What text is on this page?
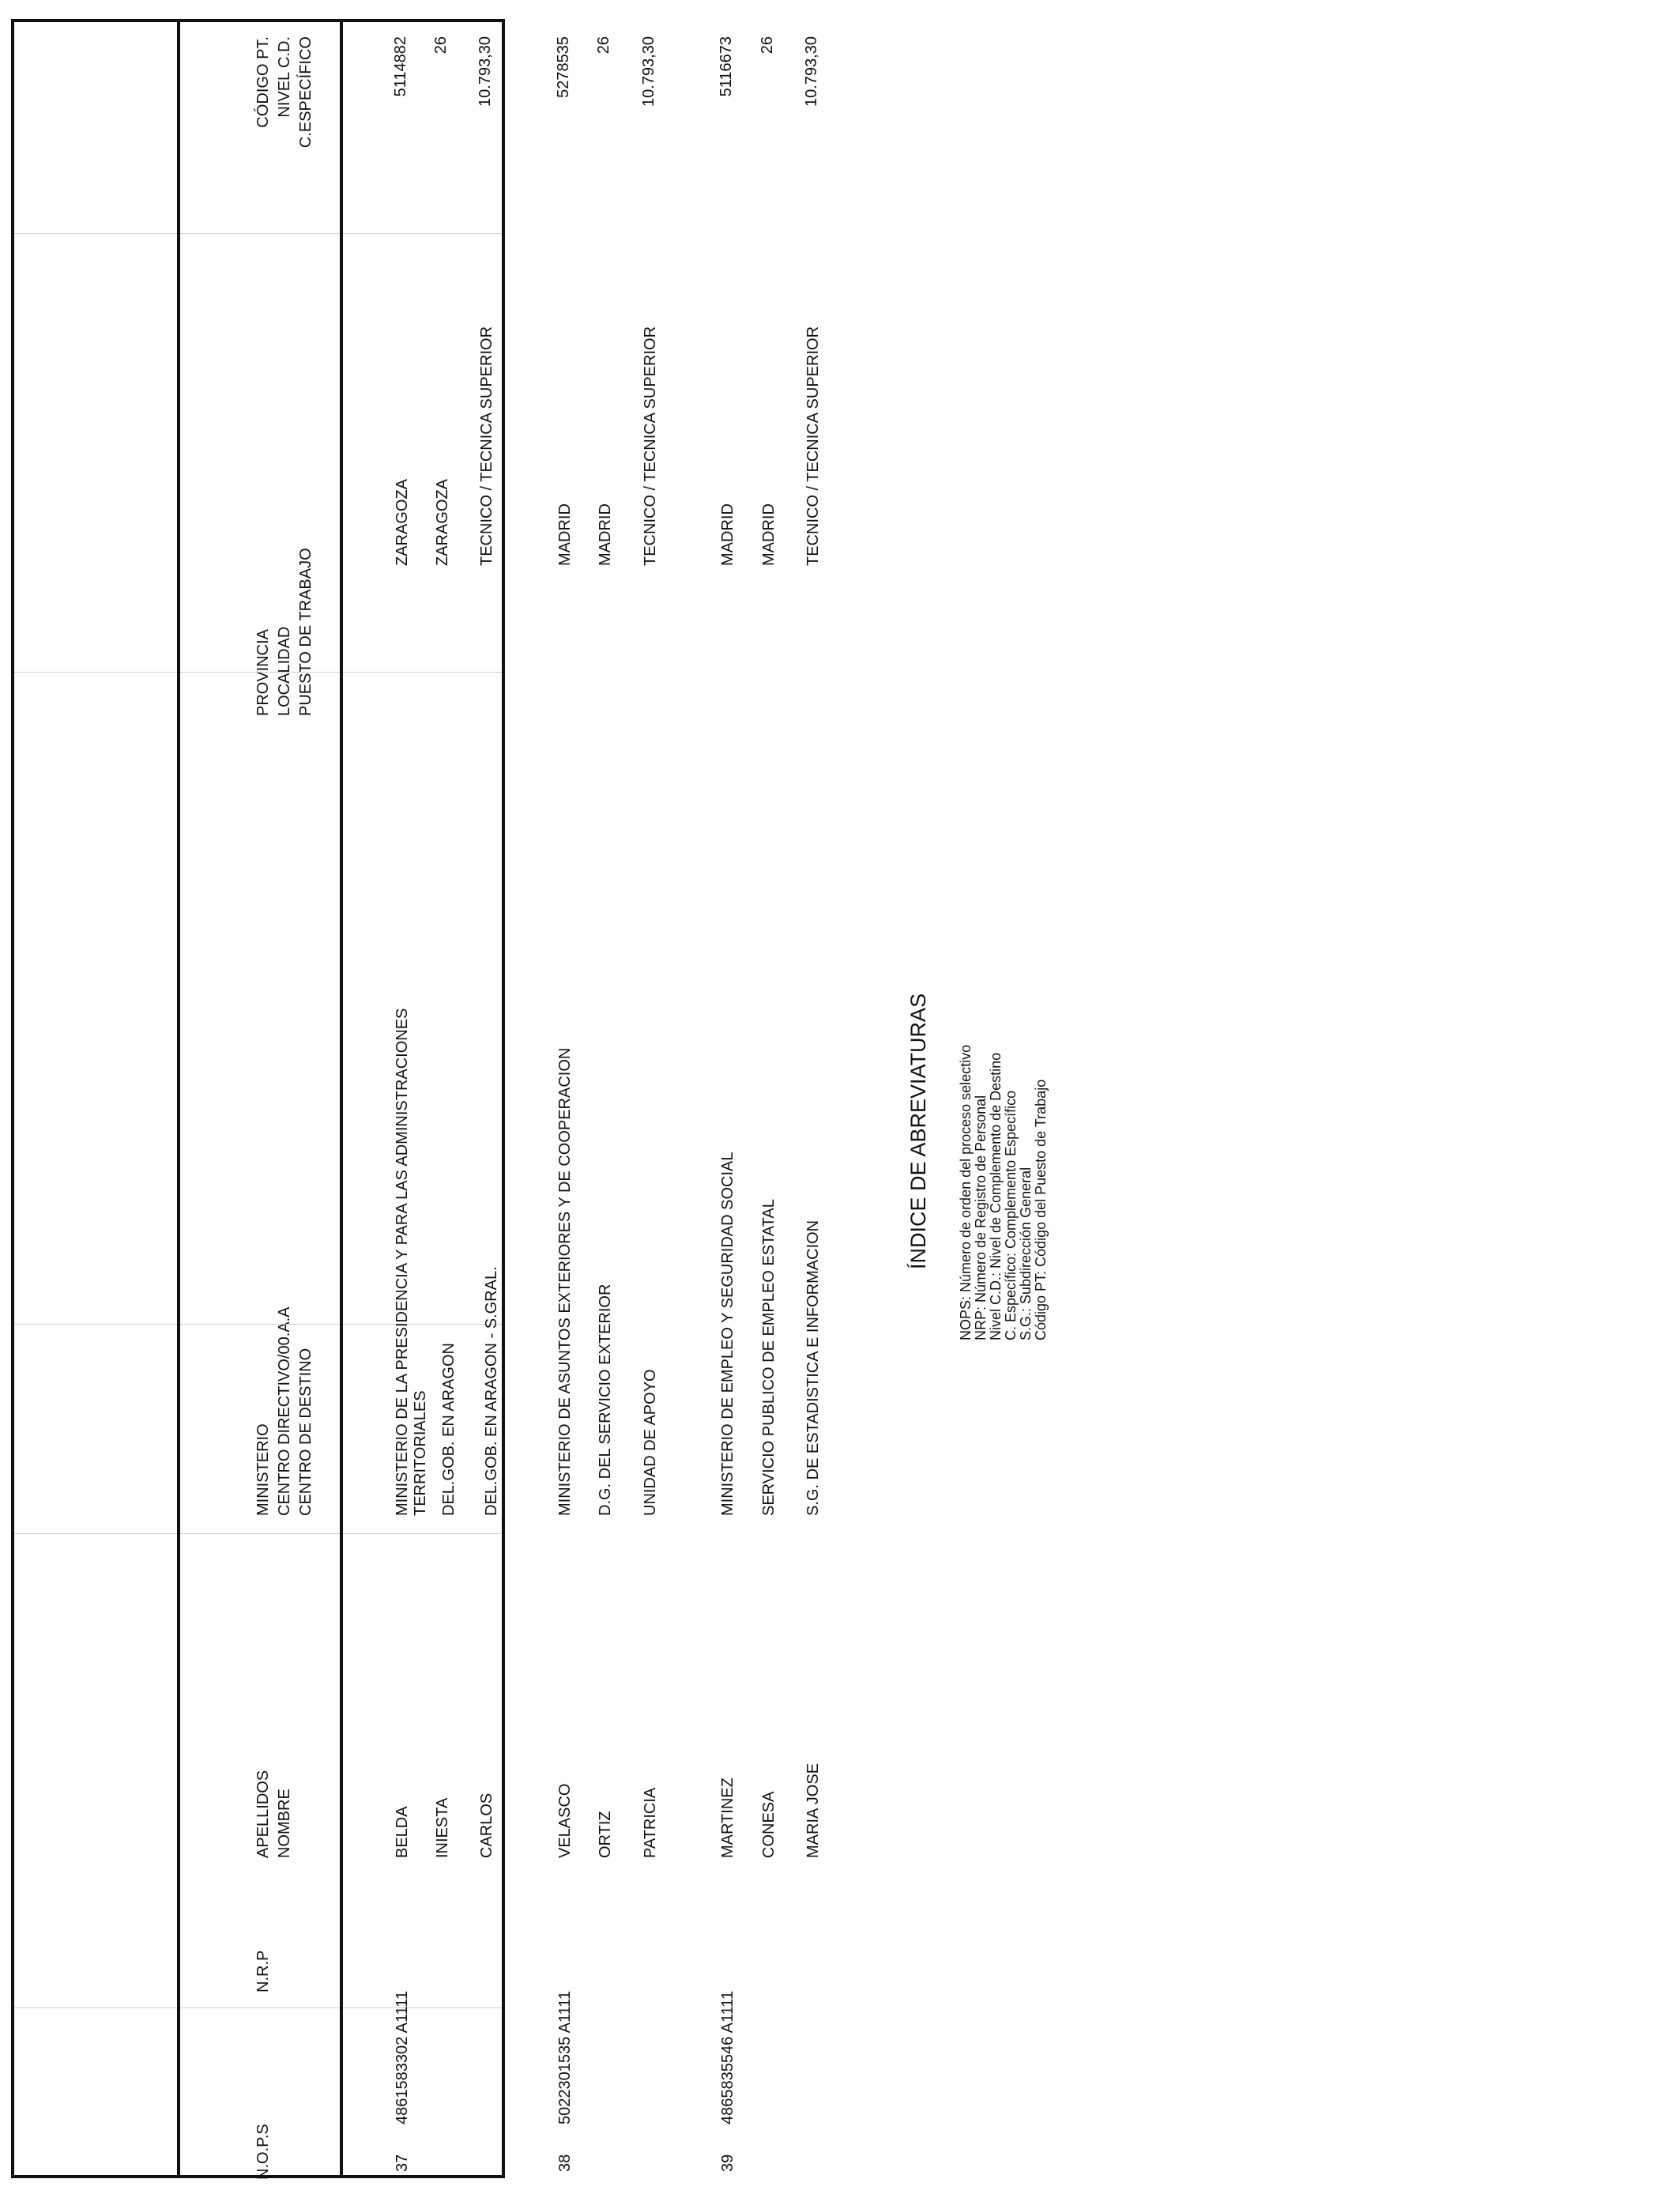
N.O.P.S
N.R.P
APELLIDOS NOMBRE
MINISTERIO CENTRO DIRECTIVO/00.A.A CENTRO DE DESTINO
PROVINCIA LOCALIDAD PUESTO DE TRABAJO
CÓDIGO PT. NIVEL C.D. C.ESPECÍFICO
37
4861583302 A1111
BELDA INIESTA CARLOS
MINISTERIO DE LA PRESIDENCIA Y PARA LAS ADMINISTRACIONES TERRITORIALES DEL.GOB. EN ARAGON DEL.GOB. EN ARAGON - S.GRAL.
ZARAGOZA ZARAGOZA TECNICO / TECNICA SUPERIOR
5114882 26 10.793,30
38
5022301535 A1111
VELASCO ORTIZ PATRICIA
MINISTERIO DE ASUNTOS EXTERIORES Y DE COOPERACION D.G. DEL SERVICIO EXTERIOR UNIDAD DE APOYO
MADRID MADRID TECNICO / TECNICA SUPERIOR
5278535 26 10.793,30
39
4865835546 A1111
MARTINEZ CONESA MARIA JOSE
MINISTERIO DE EMPLEO Y SEGURIDAD SOCIAL SERVICIO PUBLICO DE EMPLEO ESTATAL S.G. DE ESTADISTICA E INFORMACION
MADRID MADRID TECNICO / TECNICA SUPERIOR
5116673 26 10.793,30
ÍNDICE DE ABREVIATURAS NOPS: Número de orden del proceso selectivo NRP: Número de Registro de Personal Nivel C.D.: Nivel de Complemento de Destino C. Específico: Complemento Específico S.G.: Subdirección General Código PT: Código del Puesto de Trabajo
